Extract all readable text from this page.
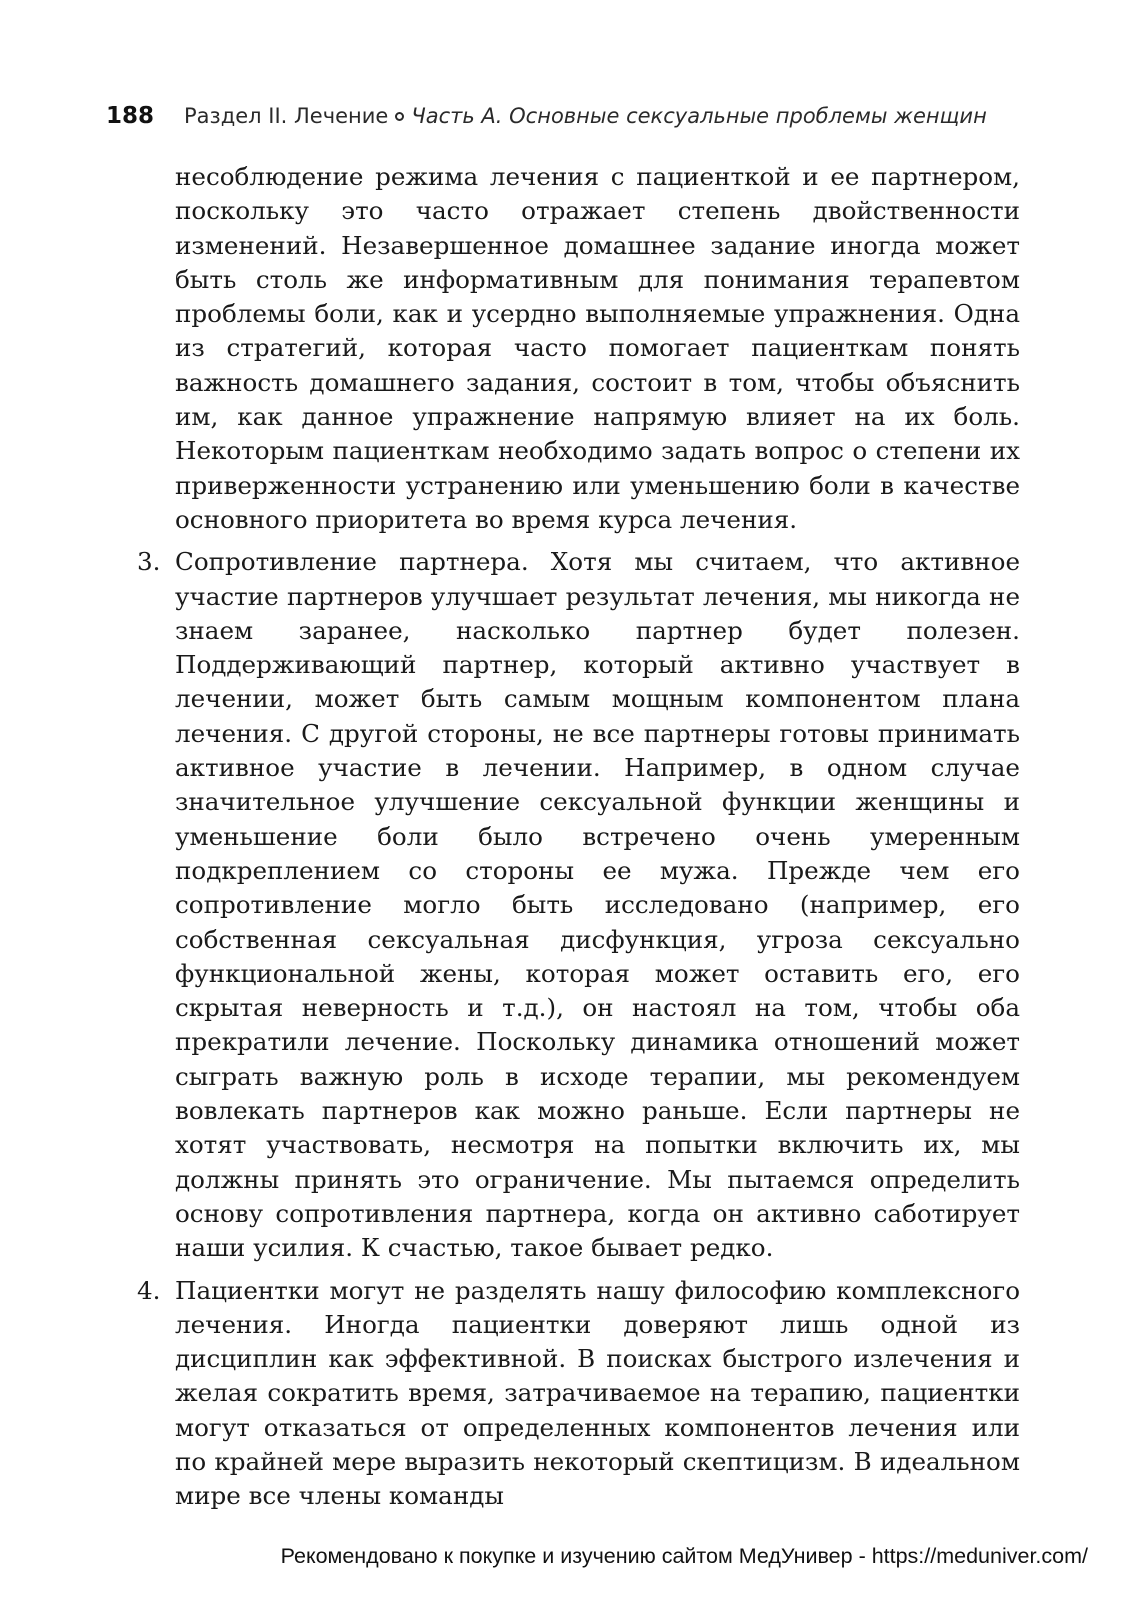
188 Раздел II. Лечение Часть А. Основные сексуальные проблемы женщин

несоблюдение режима лечения с пациенткой и ее партнером, поскольку это часто отражает степень двойственности изменений. Незавершенное домашнее задание иногда может быть столь же информативным для понимания терапевтом проблемы боли, как и усердно выполняемые упражнения. Одна из стратегий, которая часто помогает пациенткам понять важность домашнего задания, состоит в том, чтобы объяснить им, как данное упражнение напрямую влияет на их боль. Некоторым пациенткам необходимо задать вопрос о степени их приверженности устранению или уменьшению боли в качестве основного приоритета во время курса лечения.

3. Сопротивление партнера. Хотя мы считаем, что активное участие партнеров улучшает результат лечения, мы никогда не знаем заранее, насколько партнер будет полезен. Поддерживающий партнер, который активно участвует в лечении, может быть самым мощным компонентом плана лечения. С другой стороны, не все партнеры готовы принимать активное участие в лечении. Например, в одном случае значительное улучшение сексуальной функции женщины и уменьшение боли было встречено очень умеренным подкреплением со стороны ее мужа. Прежде чем его сопротивление могло быть исследовано (например, его собственная сексуальная дисфункция, угроза сексуально функциональной жены, которая может оставить его, его скрытая неверность и т.д.), он настоял на том, чтобы оба прекратили лечение. Поскольку динамика отношений может сыграть важную роль в исходе терапии, мы рекомендуем вовлекать партнеров как можно раньше. Если партнеры не хотят участвовать, несмотря на попытки включить их, мы должны принять это ограничение. Мы пытаемся определить основу сопротивления партнера, когда он активно саботирует наши усилия. К счастью, такое бывает редко.

4. Пациентки могут не разделять нашу философию комплексного лечения. Иногда пациентки доверяют лишь одной из дисциплин как эффективной. В поисках быстрого излечения и желая сократить время, затрачиваемое на терапию, пациентки могут отказаться от определенных компонентов лечения или по крайней мере выразить некоторый скептицизм. В идеальном мире все члены команды

Рекомендовано к покупке и изучению сайтом МедУнивер - https://meduniver.com/
